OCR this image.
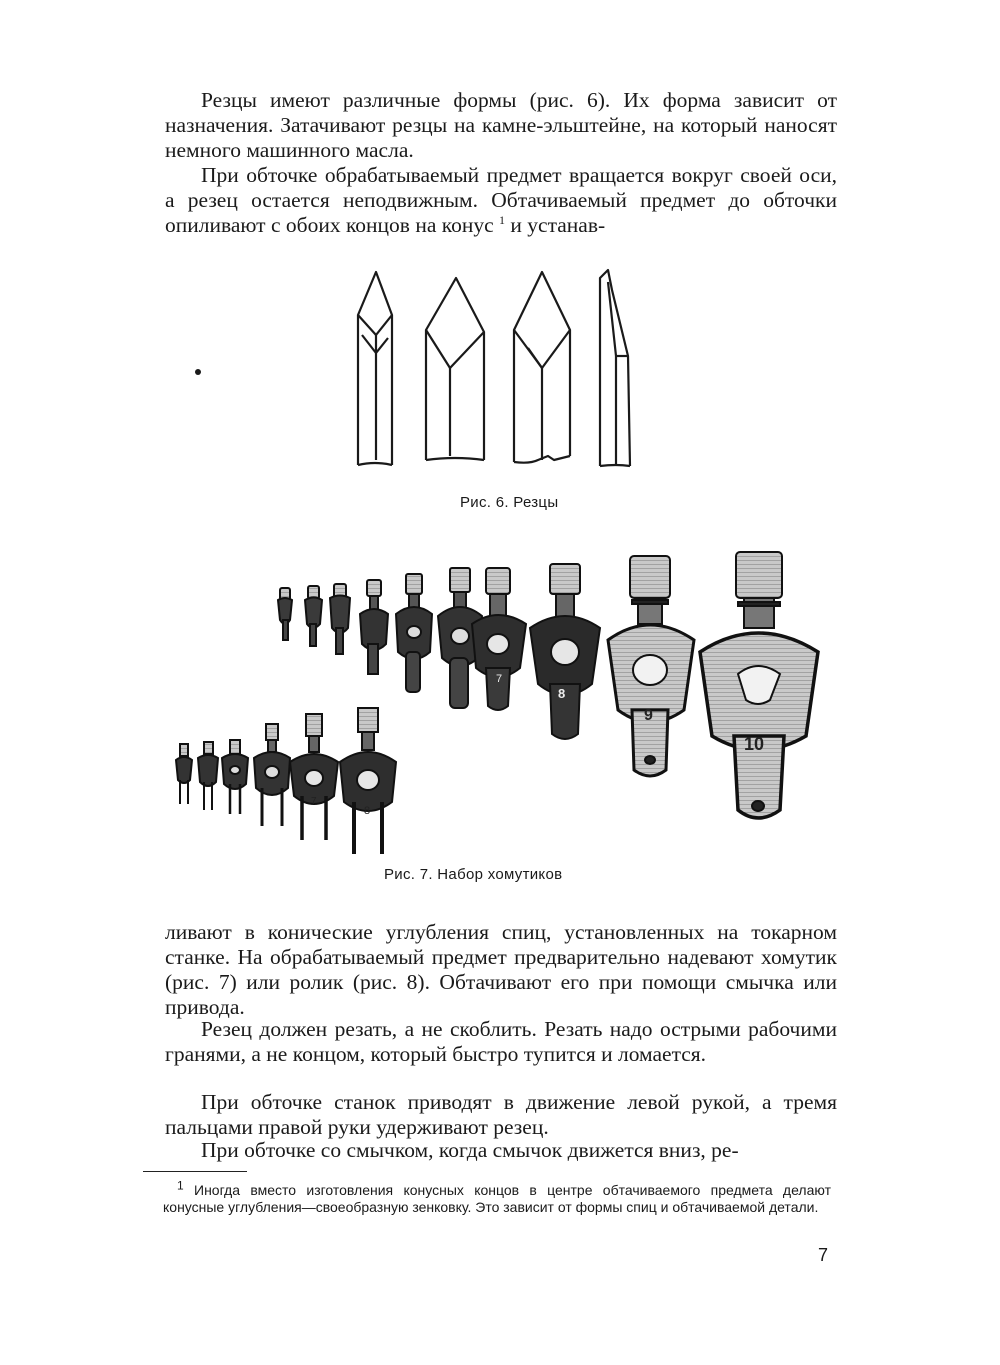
Резцы имеют различные формы (рис. 6). Их форма зависит от назначения. Затачивают резцы на камне-эльштейне, на который наносят немного машинного масла.

При обточке обрабатываемый предмет вращается вокруг своей оси, а резец остается неподвижным. Обтачиваемый предмет до обточки опиливают с обоих концов на конус $^1$ и устанав-

Рис. 6. Резцы
7
8
9
10
7
8
Рис. 7. Набор хомутиков

ливают в конические углубления спиц, установленных на токарном станке. На обрабатываемый предмет предварительно надевают хомутик (рис. 7) или ролик (рис. 8). Обтачивают его при помощи смычка или привода.

Резец должен резать, а не скоблить. Резать надо острыми рабочими гранями, а не концом, который быстро тупится и ломается.

При обточке станок приводят в движение левой рукой, а тремя пальцами правой руки удерживают резец.

При обточке со смычком, когда смычок движется вниз, ре-

$^1$ Иногда вместо изготовления конусных концов в центре обтачиваемого предмета делают конусные углубления—своеобразную зенковку. Это зависит от формы спиц и обтачиваемой детали.

7
